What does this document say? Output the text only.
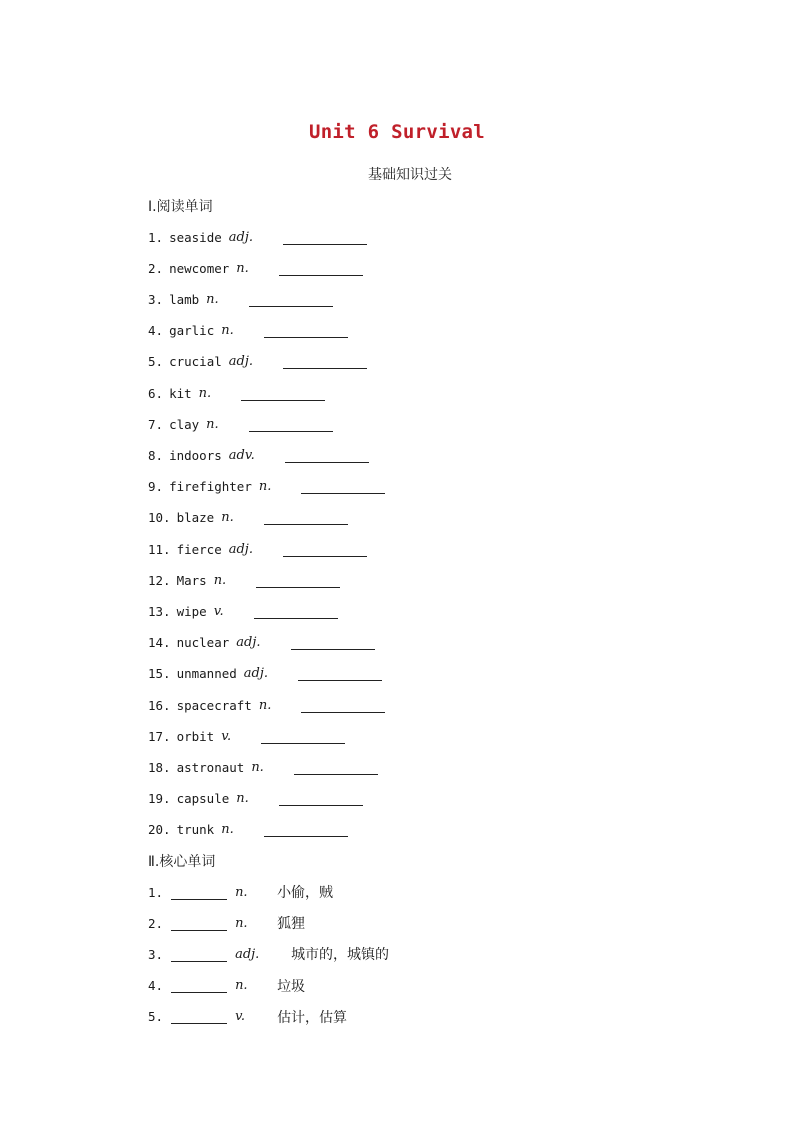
Unit 6 Survival
基础知识过关
Ⅰ.阅读单词
1. seaside adj.
2. newcomer n.
3. lamb n.
4. garlic n.
5. crucial adj.
6. kit n.
7. clay n.
8. indoors adv.
9. firefighter n.
10. blaze n.
11. fierce adj.
12. Mars n.
13. wipe v.
14. nuclear adj.
15. unmanned adj.
16. spacecraft n.
17. orbit v.
18. astronaut n.
19. capsule n.
20. trunk n.
Ⅱ.核心单词
1.	n.	小偷，贼
2.	n.	狐狸
3.	adj.	城市的，城镇的
4.	n.	垃圾
5.	v.	估计，估算
